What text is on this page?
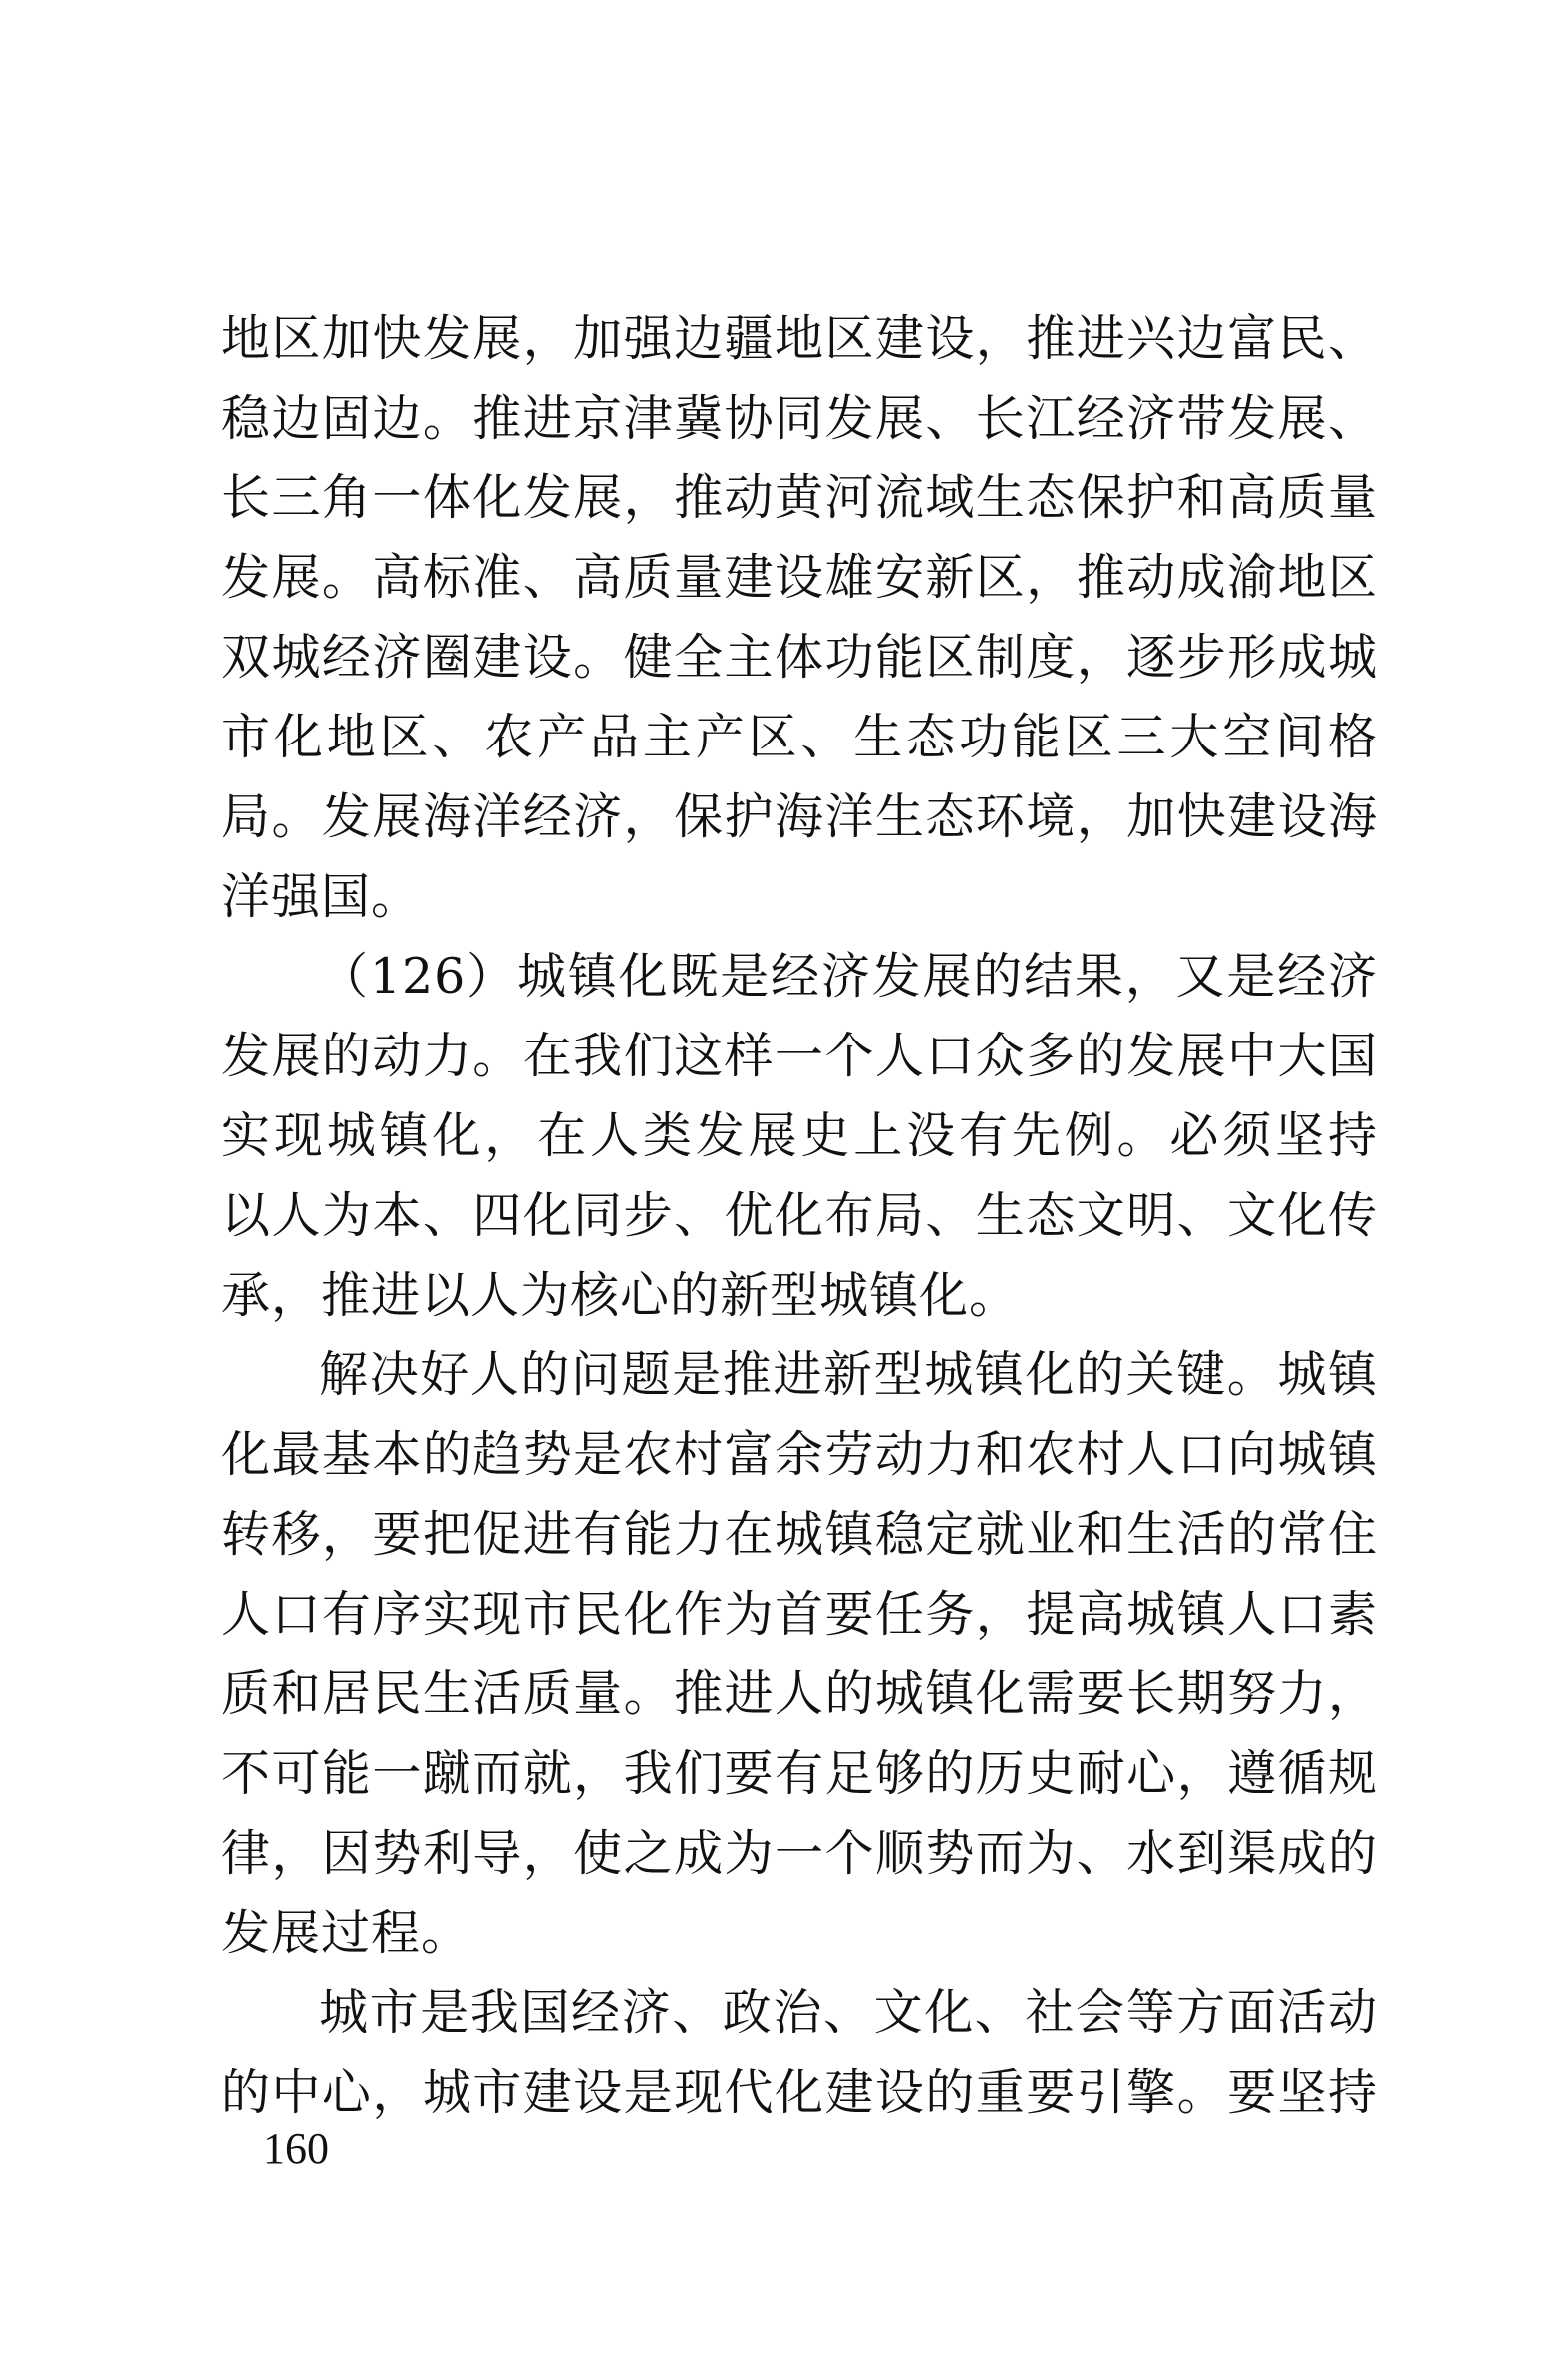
地区加快发展，加强边疆地区建设，推进兴边富民、
稳边固边。推进京津冀协同发展、长江经济带发展、
长三角一体化发展，推动黄河流域生态保护和高质量
发展。高标准、高质量建设雄安新区，推动成渝地区
双城经济圈建设。健全主体功能区制度，逐步形成城
市化地区、农产品主产区、生态功能区三大空间格
局。发展海洋经济，保护海洋生态环境，加快建设海
洋强国。
（126）城镇化既是经济发展的结果，又是经济
发展的动力。在我们这样一个人口众多的发展中大国
实现城镇化，在人类发展史上没有先例。必须坚持
以人为本、四化同步、优化布局、生态文明、文化传
承，推进以人为核心的新型城镇化。
解决好人的问题是推进新型城镇化的关键。城镇
化最基本的趋势是农村富余劳动力和农村人口向城镇
转移，要把促进有能力在城镇稳定就业和生活的常住
人口有序实现市民化作为首要任务，提高城镇人口素
质和居民生活质量。推进人的城镇化需要长期努力，
不可能一蹴而就，我们要有足够的历史耐心，遵循规
律，因势利导，使之成为一个顺势而为、水到渠成的
发展过程。
城市是我国经济、政治、文化、社会等方面活动
的中心，城市建设是现代化建设的重要引擎。要坚持
160
